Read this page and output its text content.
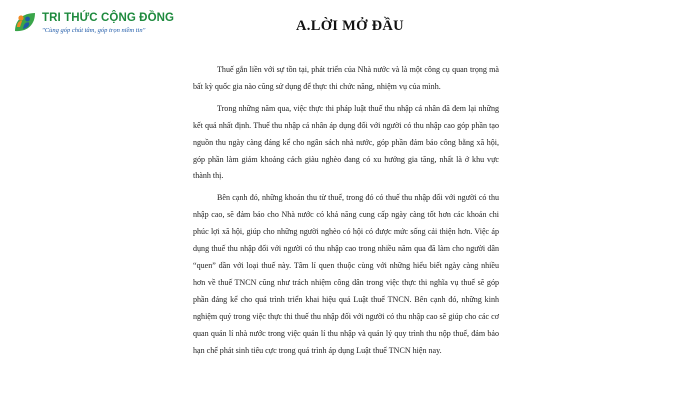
TRI THỨC CỘNG ĐỒNG
"Cùng góp chút tâm, góp trọn niềm tin"	A.LỜI MỞ ĐẦU

Thuế gắn liền với sự tồn tại, phát triển của Nhà nước và là một công cụ quan trọng mà bất kỳ quốc gia nào cũng sử dụng để thực thi chức năng, nhiệm vụ của mình.

Trong những năm qua, việc thực thi pháp luật thuế thu nhập cá nhân đã đem lại những kết quả nhất định. Thuế thu nhập cá nhân áp dụng đối với người có thu nhập cao góp phần tạo nguồn thu ngày càng đáng kể cho ngân sách nhà nước, góp phần đảm bảo công bằng xã hội, góp phần làm giảm khoảng cách giàu nghèo đang có xu hướng gia tăng, nhất là ở khu vực thành thị.

Bên cạnh đó, những khoản thu từ thuế, trong đó có thuế thu nhập đối với người có thu nhập cao, sẽ đảm bảo cho Nhà nước có khả năng cung cấp ngày càng tốt hơn các khoản chi phúc lợi xã hội, giúp cho những người nghèo có hội có được mức sống cải thiện hơn. Việc áp dụng thuế thu nhập đối với người có thu nhập cao trong nhiều năm qua đã làm cho người dân “quen” dần với loại thuế này. Tâm lí quen thuộc cùng với những hiểu biết ngày càng nhiều hơn về thuế TNCN cũng như trách nhiệm công dân trong việc thực thi nghĩa vụ thuế sẽ góp phần đáng kể cho quá trình triển khai hiệu quả Luật thuế TNCN. Bên cạnh đó, những kinh nghiệm quý trong việc thực thi thuế thu nhập đối với người có thu nhập cao sẽ giúp cho các cơ quan quản lí nhà nước trong việc quản lí thu nhập và quản lý quy trình thu nộp thuế, đảm bảo hạn chế phát sinh tiêu cực trong quá trình áp dụng Luật thuế TNCN hiện nay.
